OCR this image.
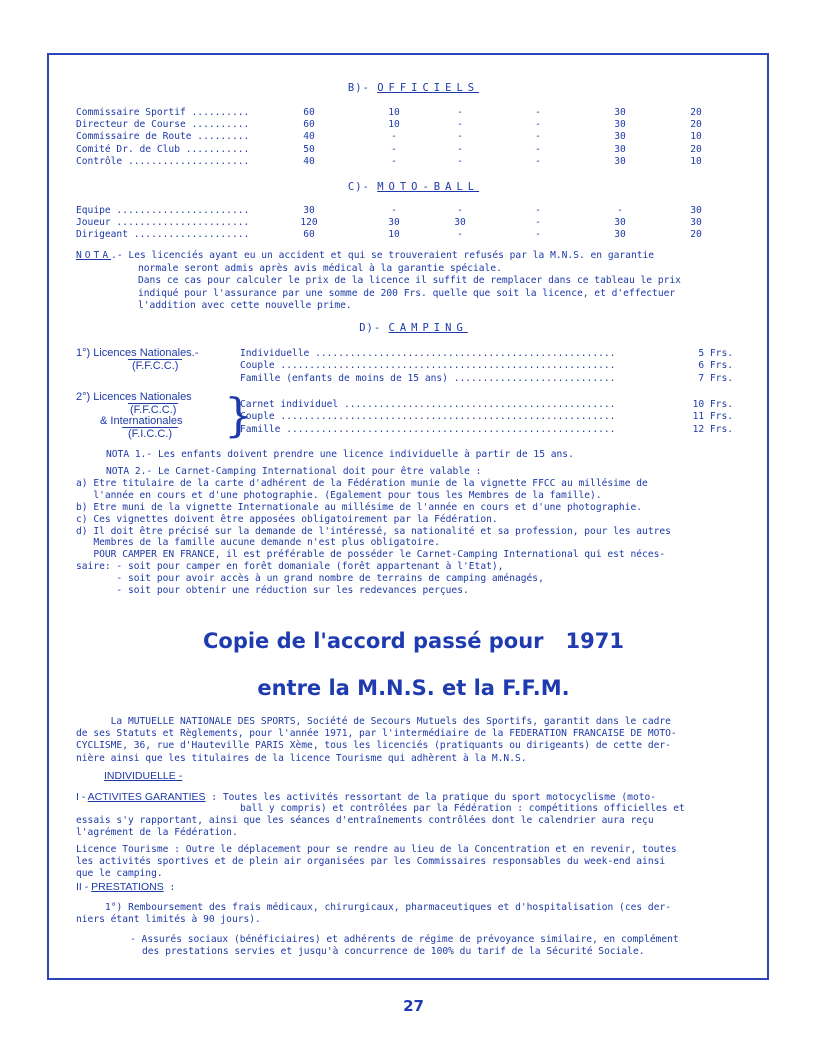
B)- OFFICIELS
Commissaire Sportif ..........	60	10	-	-	30	20
Directeur de Course ..........	60	10	-	-	30	20
Commissaire de Route .........	40	-	-	-	30	10
Comité Dr. de Club ...........	50	-	-	-	30	20
Contrôle .....................	40	-	-	-	30	10
C)- MOTO-BALL
Equipe .......................	30	-	-	-	-	30
Joueur .......................	120	30	30	-	30	30
Dirigeant ....................	60	10	-	-	30	20
NOTA.- Les licenciés ayant eu un accident et qui se trouveraient refusés par la M.N.S. en garantie
normale seront admis après avis médical à la garantie spéciale.
Dans ce cas pour calculer le prix de la licence il suffit de remplacer dans ce tableau le prix
indiqué pour l'assurance par une somme de 200 Frs. quelle que soit la licence, et d'effectuer
l'addition avec cette nouvelle prime.
D)- CAMPING
1°) Licences Nationales.-
(F.F.C.C.)
Individuelle ....................................................	5 Frs.
Couple ..........................................................	6 Frs.
Famille (enfants de moins de 15 ans) ............................	7 Frs.
2°) Licences Nationales
(F.F.C.C.)
& Internationales
(F.I.C.C.) }
Carnet individuel ...............................................	10 Frs.
Couple ..........................................................	11 Frs.
Famille .........................................................	12 Frs.
NOTA 1.- Les enfants doivent prendre une licence individuelle à partir de 15 ans.
NOTA 2.- Le Carnet-Camping International doit pour être valable :
a) Etre titulaire de la carte d'adhérent de la Fédération munie de la vignette FFCC au millésime de
l'année en cours et d'une photographie. (Egalement pour tous les Membres de la famille).
b) Etre muni de la vignette Internationale au millésime de l'année en cours et d'une photographie.
c) Ces vignettes doivent être apposées obligatoirement par la Fédération.
d) Il doit être précisé sur la demande de l'intéressé, sa nationalité et sa profession, pour les autres
Membres de la famille aucune demande n'est plus obligatoire.
POUR CAMPER EN FRANCE, il est préférable de posséder le Carnet-Camping International qui est néces-
saire: - soit pour camper en forêt domaniale (forêt appartenant à l'Etat),
- soit pour avoir accès à un grand nombre de terrains de camping aménagés,
- soit pour obtenir une réduction sur les redevances perçues.
Copie de l'accord passé pour 1971
entre la M.N.S. et la F.F.M.
La MUTUELLE NATIONALE DES SPORTS, Société de Secours Mutuels des Sportifs, garantit dans le cadre
de ses Statuts et Règlements, pour l'année 1971, par l'intermédiaire de la FEDERATION FRANCAISE DE MOTO-
CYCLISME, 36, rue d'Hauteville PARIS Xème, tous les licenciés (pratiquants ou dirigeants) de cette der-
nière ainsi que les titulaires de la licence Tourisme qui adhèrent à la M.N.S.
INDIVIDUELLE -
I - ACTIVITES GARANTIES : Toutes les activités ressortant de la pratique du sport motocyclisme (moto-
ball y compris) et contrôlées par la Fédération : compétitions officielles et
essais s'y rapportant, ainsi que les séances d'entraînements contrôlées dont le calendrier aura reçu
l'agrément de la Fédération.
Licence Tourisme : Outre le déplacement pour se rendre au lieu de la Concentration et en revenir, toutes
les activités sportives et de plein air organisées par les Commissaires responsables du week-end ainsi
que le camping.
II - PRESTATIONS :
1°) Remboursement des frais médicaux, chirurgicaux, pharmaceutiques et d'hospitalisation (ces der-
niers étant limités à 90 jours).
- Assurés sociaux (bénéficiaires) et adhérents de régime de prévoyance similaire, en complément
des prestations servies et jusqu'à concurrence de 100% du tarif de la Sécurité Sociale.
27
